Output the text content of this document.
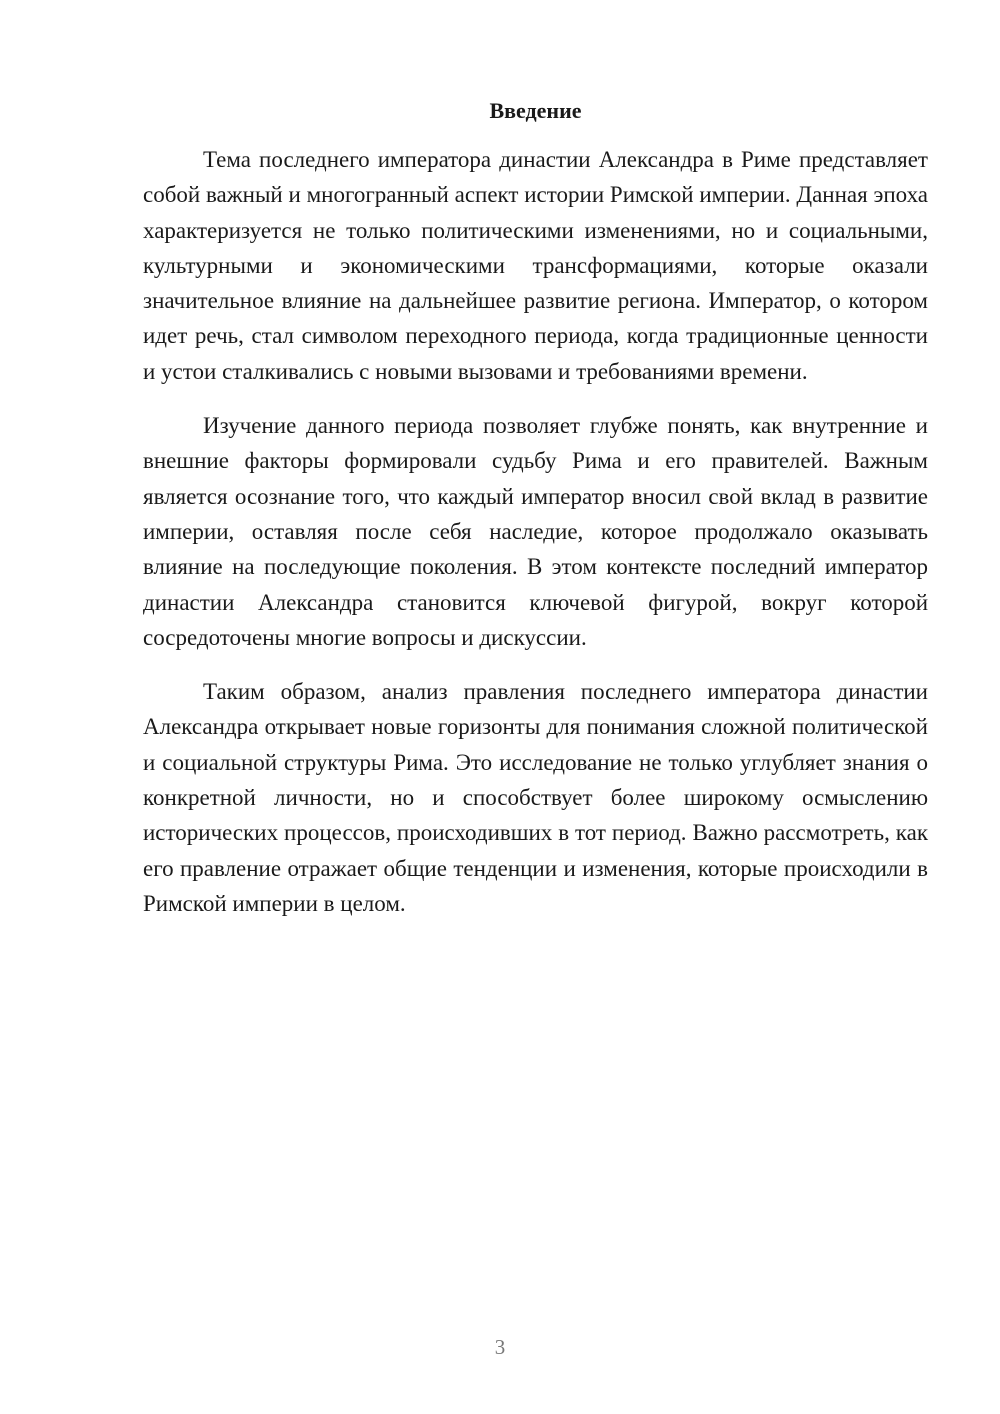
Введение

Тема последнего императора династии Александра в Риме представляет собой важный и многогранный аспект истории Римской империи. Данная эпоха характеризуется не только политическими изменениями, но и социальными, культурными и экономическими трансформациями, которые оказали значительное влияние на дальнейшее развитие региона. Император, о котором идет речь, стал символом переходного периода, когда традиционные ценности и устои сталкивались с новыми вызовами и требованиями времени.

Изучение данного периода позволяет глубже понять, как внутренние и внешние факторы формировали судьбу Рима и его правителей. Важным является осознание того, что каждый император вносил свой вклад в развитие империи, оставляя после себя наследие, которое продолжало оказывать влияние на последующие поколения. В этом контексте последний император династии Александра становится ключевой фигурой, вокруг которой сосредоточены многие вопросы и дискуссии.

Таким образом, анализ правления последнего императора династии Александра открывает новые горизонты для понимания сложной политической и социальной структуры Рима. Это исследование не только углубляет знания о конкретной личности, но и способствует более широкому осмыслению исторических процессов, происходивших в тот период. Важно рассмотреть, как его правление отражает общие тенденции и изменения, которые происходили в Римской империи в целом.

3
